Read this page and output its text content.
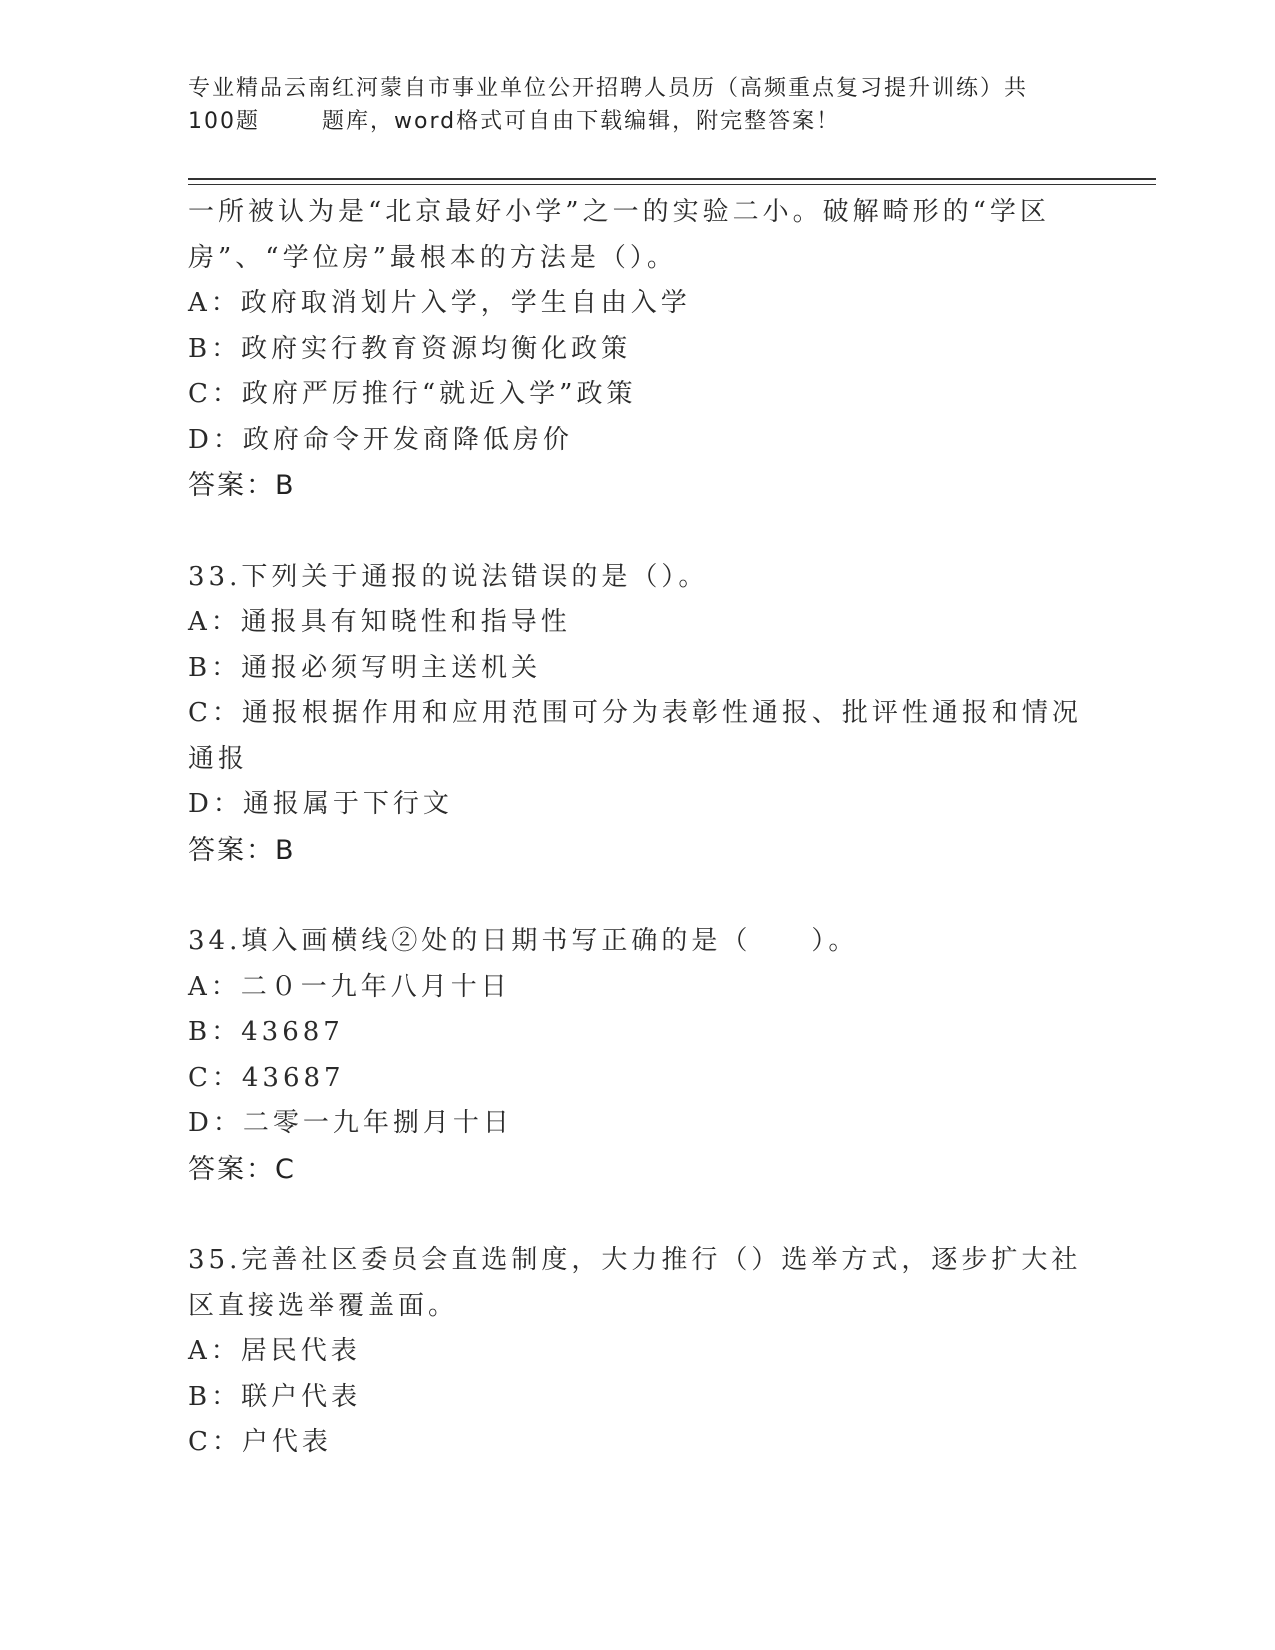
专业精品云南红河蒙自市事业单位公开招聘人员历（高频重点复习提升训练）共
100题	题库，word格式可自由下载编辑，附完整答案！

一所被认为是“北京最好小学”之一的实验二小。破解畸形的“学区房”、“学位房”最根本的方法是（）。

A：政府取消划片入学，学生自由入学

B：政府实行教育资源均衡化政策

C：政府严厉推行“就近入学”政策

D：政府命令开发商降低房价

答案：B

33.下列关于通报的说法错误的是（）。

A：通报具有知晓性和指导性

B：通报必须写明主送机关

C：通报根据作用和应用范围可分为表彰性通报、批评性通报和情况通报

D：通报属于下行文

答案：B

34.填入画横线②处的日期书写正确的是（　　）。

A：二０一九年八月十日

B：43687

C：43687

D：二零一九年捌月十日

答案：C

35.完善社区委员会直选制度，大力推行（）选举方式，逐步扩大社区直接选举覆盖面。

A：居民代表

B：联户代表

C：户代表
